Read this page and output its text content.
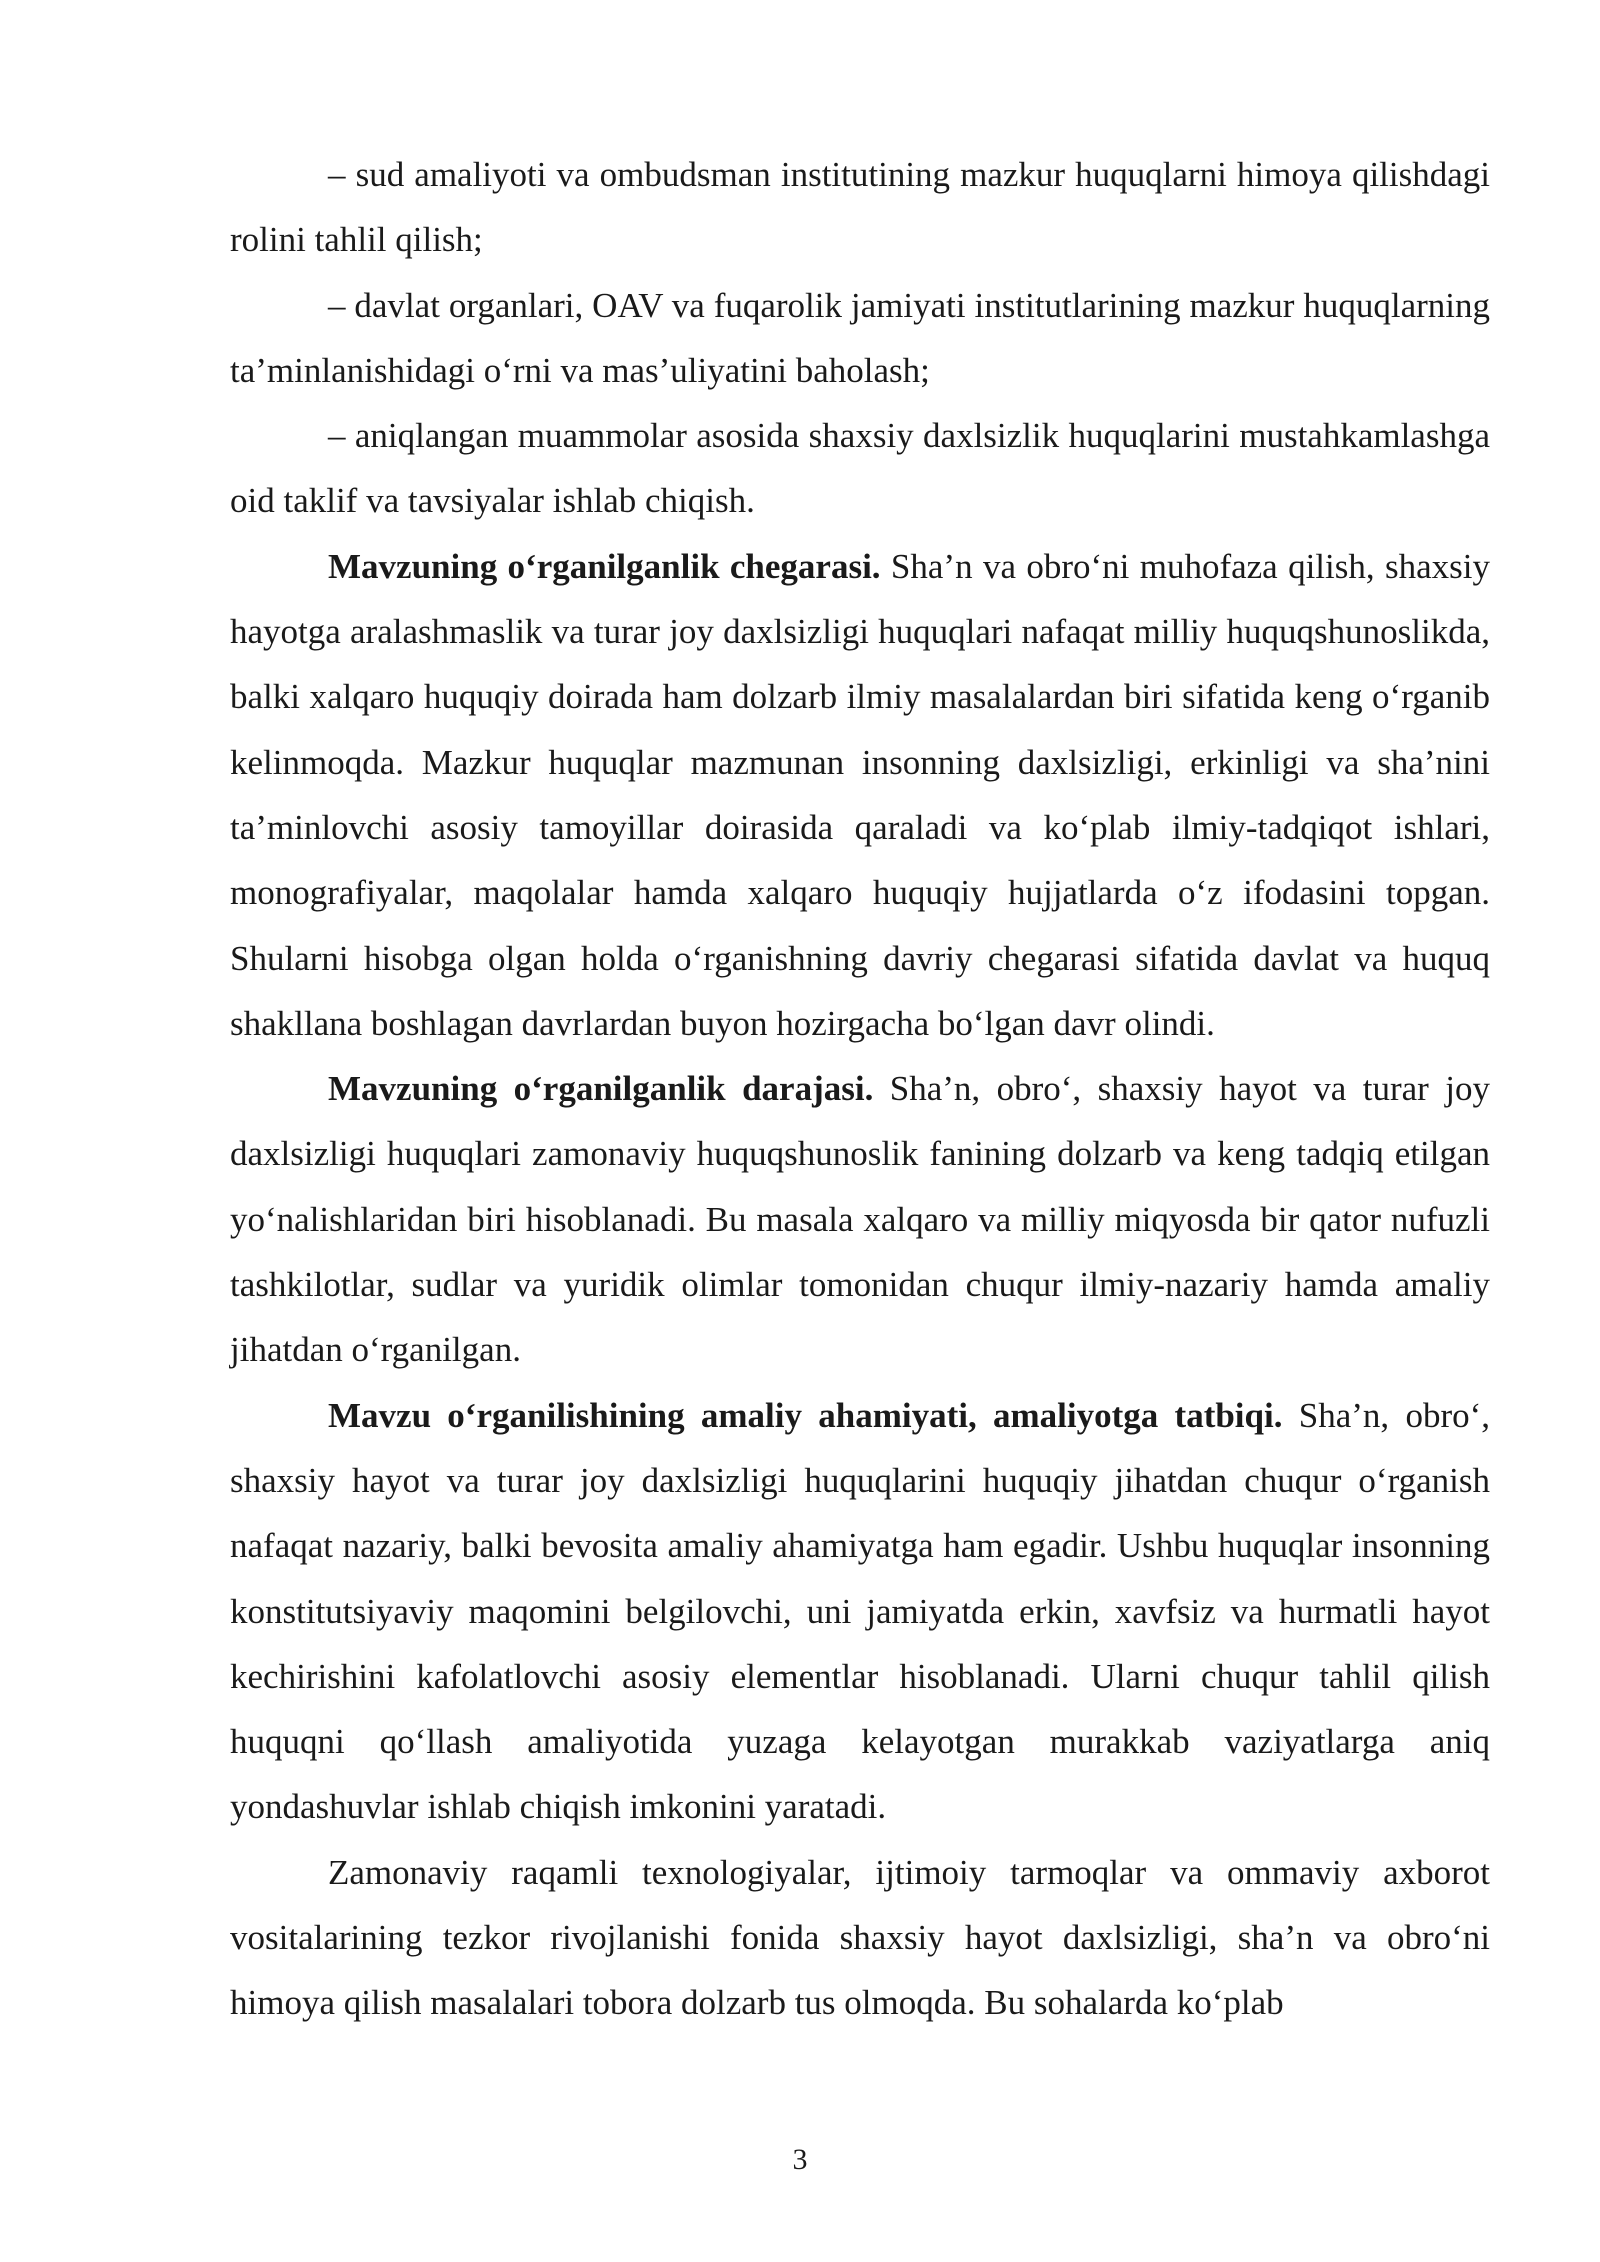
– sud amaliyoti va ombudsman institutining mazkur huquqlarni himoya qilishdagi rolini tahlil qilish;

– davlat organlari, OAV va fuqarolik jamiyati institutlarining mazkur huquqlarning ta’minlanishidagi o‘rni va mas’uliyatini baholash;

– aniqlangan muammolar asosida shaxsiy daxlsizlik huquqlarini mustahkamlashga oid taklif va tavsiyalar ishlab chiqish.

Mavzuning o‘rganilganlik chegarasi. Sha’n va obro‘ni muhofaza qilish, shaxsiy hayotga aralashmaslik va turar joy daxlsizligi huquqlari nafaqat milliy huquqshunoslikda, balki xalqaro huquqiy doirada ham dolzarb ilmiy masalalardan biri sifatida keng o‘rganib kelinmoqda. Mazkur huquqlar mazmunan insonning daxlsizligi, erkinligi va sha’nini ta’minlovchi asosiy tamoyillar doirasida qaraladi va ko‘plab ilmiy-tadqiqot ishlari, monografiyalar, maqolalar hamda xalqaro huquqiy hujjatlarda o‘z ifodasini topgan. Shularni hisobga olgan holda o‘rganishning davriy chegarasi sifatida davlat va huquq shakllana boshlagan davrlardan buyon hozirgacha bo‘lgan davr olindi.

Mavzuning o‘rganilganlik darajasi. Sha’n, obro‘, shaxsiy hayot va turar joy daxlsizligi huquqlari zamonaviy huquqshunoslik fanining dolzarb va keng tadqiq etilgan yo‘nalishlaridan biri hisoblanadi. Bu masala xalqaro va milliy miqyosda bir qator nufuzli tashkilotlar, sudlar va yuridik olimlar tomonidan chuqur ilmiy-nazariy hamda amaliy jihatdan o‘rganilgan.

Mavzu o‘rganilishining amaliy ahamiyati, amaliyotga tatbiqi. Sha’n, obro‘, shaxsiy hayot va turar joy daxlsizligi huquqlarini huquqiy jihatdan chuqur o‘rganish nafaqat nazariy, balki bevosita amaliy ahamiyatga ham egadir. Ushbu huquqlar insonning konstitutsiyaviy maqomini belgilovchi, uni jamiyatda erkin, xavfsiz va hurmatli hayot kechirishini kafolatlovchi asosiy elementlar hisoblanadi. Ularni chuqur tahlil qilish huquqni qo‘llash amaliyotida yuzaga kelayotgan murakkab vaziyatlarga aniq yondashuvlar ishlab chiqish imkonini yaratadi.

Zamonaviy raqamli texnologiyalar, ijtimoiy tarmoqlar va ommaviy axborot vositalarining tezkor rivojlanishi fonida shaxsiy hayot daxlsizligi, sha’n va obro‘ni himoya qilish masalalari tobora dolzarb tus olmoqda. Bu sohalarda ko‘plab

3
